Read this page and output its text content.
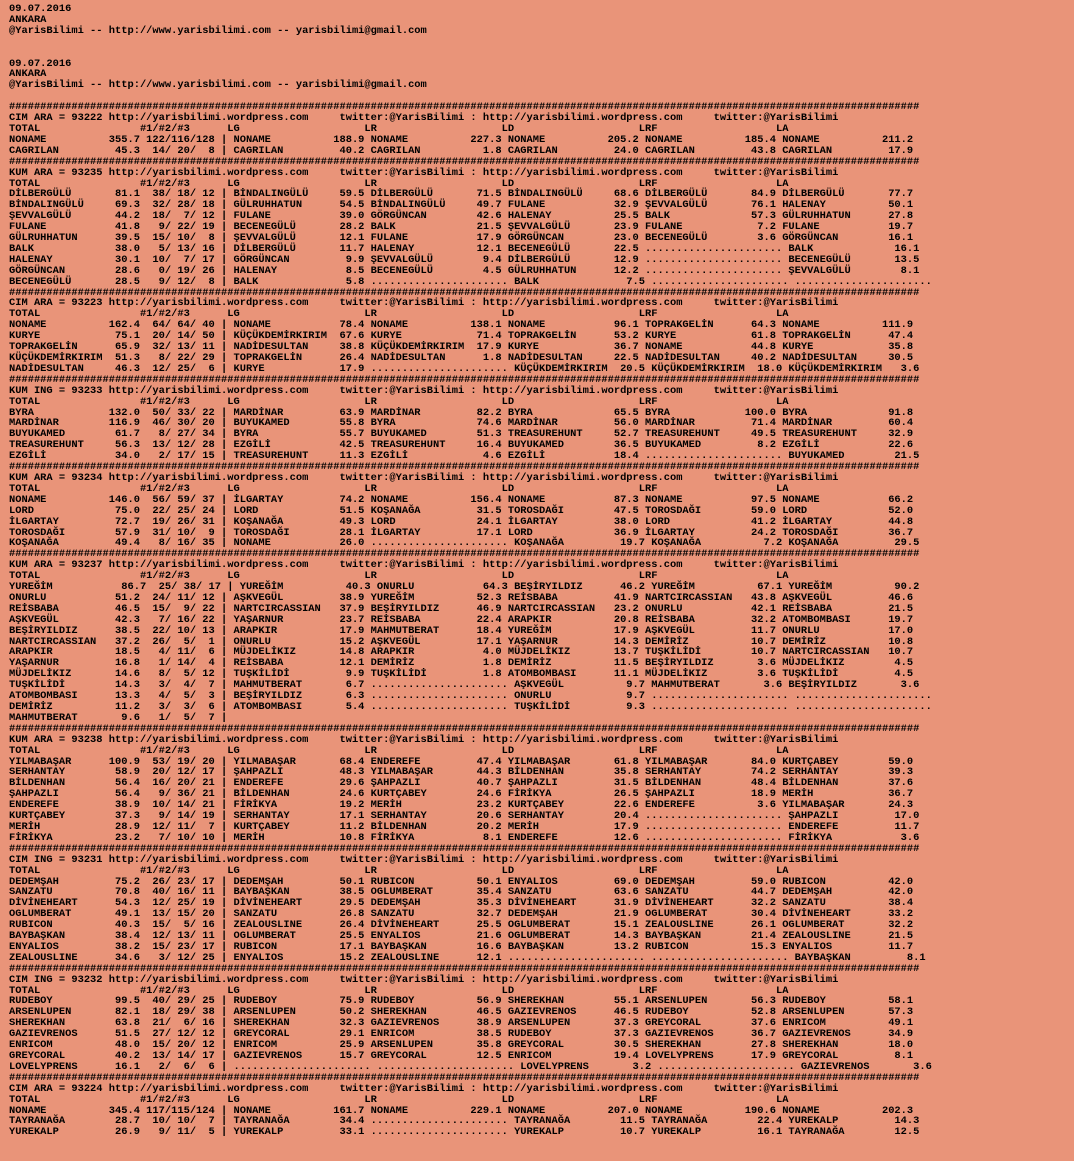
09.07.2016
ANKARA
@YarisBilimi -- http://www.yarisbilimi.com -- yarisbilimi@gmail.com

09.07.2016
ANKARA
@YarisBilimi -- http://www.yarisbilimi.com -- yarisbilimi@gmail.com

##################################################################################################################################################
CIM ARA = 93222 http://yarisbilimi.wordpress.com     twitter:@YarisBilimi : http://yarisbilimi.wordpress.com     twitter:@YarisBilimi
TOTAL                #1/#2/#3      LG                    LR                    LD                    LRF                   LA
NONAME          355.7 122/116/128 | NONAME          188.9 NONAME          227.3 NONAME          205.2 NONAME          185.4 NONAME          211.2
CAGRILAN         45.3  14/ 20/  8 | CAGRILAN         40.2 CAGRILAN          1.8 CAGRILAN         24.0 CAGRILAN         43.8 CAGRILAN         17.9
##################################################################################################################################################
KUM ARA = 93235 http://yarisbilimi.wordpress.com     twitter:@YarisBilimi : http://yarisbilimi.wordpress.com     twitter:@YarisBilimi
TOTAL                #1/#2/#3      LG                    LR                    LD                    LRF                   LA
DİLBERGÜLÜ       81.1  38/ 18/ 12 | BİNDALINGÜLÜ     59.5 DİLBERGÜLÜ       71.5 BİNDALINGÜLÜ     68.6 DİLBERGÜLÜ       84.9 DİLBERGÜLÜ       77.7
BİNDALINGÜLÜ     69.3  32/ 28/ 18 | GÜLRUHHATUN      54.5 BİNDALINGÜLÜ     49.7 FULANE           32.9 ŞEVVALGÜLÜ       76.1 HALENAY          50.1
ŞEVVALGÜLÜ       44.2  18/  7/ 12 | FULANE           39.0 GÖRGÜNCAN        42.6 HALENAY          25.5 BALK             57.3 GÜLRUHHATUN      27.8
FULANE           41.8   9/ 22/ 19 | BECENEGÜLÜ       28.2 BALK             21.5 ŞEVVALGÜLÜ       23.9 FULANE            7.2 FULANE           19.7
GÜLRUHHATUN      39.5  15/ 10/  8 | ŞEVVALGÜLÜ       12.1 FULANE           17.9 GÖRGÜNCAN        23.0 BECENEGÜLÜ        3.6 GÖRGÜNCAN        16.1
BALK             38.0   5/ 13/ 16 | DİLBERGÜLÜ       11.7 HALENAY          12.1 BECENEGÜLÜ       22.5 ...................... BALK             16.1
HALENAY          30.1  10/  7/ 17 | GÖRGÜNCAN         9.9 ŞEVVALGÜLÜ        9.4 DİLBERGÜLÜ       12.9 ...................... BECENEGÜLÜ       13.5
GÖRGÜNCAN        28.6   0/ 19/ 26 | HALENAY           8.5 BECENEGÜLÜ        4.5 GÜLRUHHATUN      12.2 ...................... ŞEVVALGÜLÜ        8.1
BECENEGÜLÜ       28.5   9/ 12/  8 | BALK              5.8 ...................... BALK              7.5 ...................... ......................
##################################################################################################################################################
CIM ARA = 93223 http://yarisbilimi.wordpress.com     twitter:@YarisBilimi : http://yarisbilimi.wordpress.com     twitter:@YarisBilimi
TOTAL                #1/#2/#3      LG                    LR                    LD                    LRF                   LA
NONAME          162.4  64/ 64/ 40 | NONAME           78.4 NONAME          138.1 NONAME           96.1 TOPRAKGELİN      64.3 NONAME          111.9
KURYE            75.1  20/ 14/ 50 | KÜÇÜKDEMİRKIRIM  67.6 KURYE            71.4 TOPRAKGELİN      53.2 KURYE            61.8 TOPRAKGELİN      47.4
TOPRAKGELİN      65.9  32/ 13/ 11 | NADİDESULTAN     38.8 KÜÇÜKDEMİRKIRIM  17.9 KURYE            36.7 NONAME           44.8 KURYE            35.8
KÜÇÜKDEMİRKIRIM  51.3   8/ 22/ 29 | TOPRAKGELİN      26.4 NADİDESULTAN      1.8 NADİDESULTAN     22.5 NADİDESULTAN     40.2 NADİDESULTAN     30.5
NADİDESULTAN     46.3  12/ 25/  6 | KURYE            17.9 ...................... KÜÇÜKDEMİRKIRIM  20.5 KÜÇÜKDEMİRKIRIM  18.0 KÜÇÜKDEMİRKIRIM   3.6
##################################################################################################################################################
KUM ING = 93233 http://yarisbilimi.wordpress.com     twitter:@YarisBilimi : http://yarisbilimi.wordpress.com     twitter:@YarisBilimi
TOTAL                #1/#2/#3      LG                    LR                    LD                    LRF                   LA
BYRA            132.0  50/ 33/ 22 | MARDİNAR         63.9 MARDİNAR         82.2 BYRA             65.5 BYRA            100.0 BYRA             91.8
MARDİNAR        116.9  46/ 30/ 20 | BUYUKAMED        55.8 BYRA             74.6 MARDİNAR         56.0 MARDİNAR         71.4 MARDİNAR         60.4
BUYUKAMED        61.7   8/ 27/ 34 | BYRA             55.7 BUYUKAMED        51.3 TREASUREHUNT     52.7 TREASUREHUNT     49.5 TREASUREHUNT     32.9
TREASUREHUNT     56.3  13/ 12/ 28 | EZGİLİ           42.5 TREASUREHUNT     16.4 BUYUKAMED        36.5 BUYUKAMED         8.2 EZGİLİ           22.6
EZGİLİ           34.0   2/ 17/ 15 | TREASUREHUNT     11.3 EZGİLİ            4.6 EZGİLİ           18.4 ...................... BUYUKAMED        21.5
##################################################################################################################################################
KUM ARA = 93234 http://yarisbilimi.wordpress.com     twitter:@YarisBilimi : http://yarisbilimi.wordpress.com     twitter:@YarisBilimi
TOTAL                #1/#2/#3      LG                    LR                    LD                    LRF                   LA
NONAME          146.0  56/ 59/ 37 | İLGARTAY         74.2 NONAME          156.4 NONAME           87.3 NONAME           97.5 NONAME           66.2
LORD             75.0  22/ 25/ 24 | LORD             51.5 KOŞANAĞA         31.5 TOROSDAĞI        47.5 TOROSDAĞI        59.0 LORD             52.0
İLGARTAY         72.7  19/ 26/ 31 | KOŞANAĞA         49.3 LORD             24.1 İLGARTAY         38.0 LORD             41.2 İLGARTAY         44.8
TOROSDAĞI        57.9  31/ 10/  9 | TOROSDAĞI        28.1 İLGARTAY         17.1 LORD             36.9 İLGARTAY         24.2 TOROSDAĞI        36.7
KOŞANAĞA         49.4   8/ 16/ 35 | NONAME           26.0 ...................... KOŞANAĞA         19.7 KOŞANAĞA          7.2 KOŞANAĞA         29.5
##################################################################################################################################################
KUM ARA = 93237 http://yarisbilimi.wordpress.com     twitter:@YarisBilimi : http://yarisbilimi.wordpress.com     twitter:@YarisBilimi
TOTAL                #1/#2/#3      LG                    LR                    LD                    LRF                   LA
YUREĞİM           86.7  25/ 38/ 17 | YUREĞİM          40.3 ONURLU           64.3 BEŞİRYILDIZ      46.2 YUREĞİM          67.1 YUREĞİM          90.2
ONURLU           51.2  24/ 11/ 12 | AŞKVEGÜL         38.9 YUREĞİM          52.3 REİSBABA         41.9 NARTCIRCASSIAN   43.8 AŞKVEGÜL         46.6
REİSBABA         46.5  15/  9/ 22 | NARTCIRCASSIAN   37.9 BEŞİRYILDIZ      46.9 NARTCIRCASSIAN   23.2 ONURLU           42.1 REİSBABA         21.5
AŞKVEGÜL         42.3   7/ 16/ 22 | YAŞARNUR         23.7 REİSBABA         22.4 ARAPKIR          20.8 REİSBABA         32.2 ATOMBOMBASI      19.7
BEŞİRYILDIZ      38.5  22/ 10/ 13 | ARAPKIR          17.9 MAHMUTBERAT      18.4 YUREĞİM          17.9 AŞKVEGÜL         11.7 ONURLU           17.0
NARTCIRCASSIAN   37.2  26/  5/  1 | ONURLU           15.2 AŞKVEGÜL         17.1 YAŞARNUR         14.3 DEMİRİZ          10.7 DEMİRİZ          10.8
ARAPKIR          18.5   4/ 11/  6 | MÜJDELİKIZ       14.8 ARAPKIR           4.0 MÜJDELİKIZ       13.7 TUŞKİLİDİ        10.7 NARTCIRCASSIAN   10.7
YAŞARNUR         16.8   1/ 14/  4 | REİSBABA         12.1 DEMİRİZ           1.8 DEMİRİZ          11.5 BEŞİRYILDIZ       3.6 MÜJDELİKIZ        4.5
MÜJDELİKIZ       14.6   8/  5/ 12 | TUŞKİLİDİ         9.9 TUŞKİLİDİ         1.8 ATOMBOMBASI      11.1 MÜJDELİKIZ        3.6 TUŞKİLİDİ         4.5
TUŞKİLİDİ        14.3   3/  4/  7 | MAHMUTBERAT       6.7 ...................... AŞKVEGÜL          9.7 MAHMUTBERAT       3.6 BEŞİRYILDIZ       3.6
ATOMBOMBASI      13.3   4/  5/  3 | BEŞİRYILDIZ       6.3 ...................... ONURLU            9.7 ...................... ......................
DEMİRİZ          11.2   3/  3/  6 | ATOMBOMBASI       5.4 ...................... TUŞKİLİDİ         9.3 ...................... ......................
MAHMUTBERAT       9.6   1/  5/  7 |
##################################################################################################################################################
KUM ARA = 93238 http://yarisbilimi.wordpress.com     twitter:@YarisBilimi : http://yarisbilimi.wordpress.com     twitter:@YarisBilimi
TOTAL                #1/#2/#3      LG                    LR                    LD                    LRF                   LA
YILMABAŞAR      100.9  53/ 19/ 20 | YILMABAŞAR       68.4 ENDEREFE         47.4 YILMABAŞAR       61.8 YILMABAŞAR       84.0 KURTÇABEY        59.0
SERHANTAY        58.9  20/ 12/ 17 | ŞAHPAZLI         48.3 YILMABAŞAR       44.3 BİLDENHAN        35.8 SERHANTAY        74.2 SERHANTAY        39.3
BİLDENHAN        56.4  16/ 20/ 21 | ENDEREFE         29.6 ŞAHPAZLI         40.7 ŞAHPAZLI         31.5 BİLDENHAN        48.4 BİLDENHAN        37.6
ŞAHPAZLI         56.4   9/ 36/ 21 | BİLDENHAN        24.6 KURTÇABEY        24.6 FİRİKYA          26.5 ŞAHPAZLI         18.9 MERİH            36.7
ENDEREFE         38.9  10/ 14/ 21 | FİRİKYA          19.2 MERİH            23.2 KURTÇABEY        22.6 ENDEREFE          3.6 YILMABAŞAR       24.3
KURTÇABEY        37.3   9/ 14/ 19 | SERHANTAY        17.1 SERHANTAY        20.6 SERHANTAY        20.4 ...................... ŞAHPAZLI         17.0
MERİH            28.9  12/ 11/  7 | KURTÇABEY        11.2 BİLDENHAN        20.2 MERİH            17.9 ...................... ENDEREFE         11.7
FİRİKYA          23.2   7/ 10/ 10 | MERİH            10.8 FİRİKYA           8.1 ENDEREFE         12.6 ...................... FİRİKYA           3.6
##################################################################################################################################################
CIM ING = 93231 http://yarisbilimi.wordpress.com     twitter:@YarisBilimi : http://yarisbilimi.wordpress.com     twitter:@YarisBilimi
TOTAL                #1/#2/#3      LG                    LR                    LD                    LRF                   LA
DEDEMŞAH         75.2  26/ 23/ 17 | DEDEMŞAH         50.1 RUBICON          50.1 ENYALIOS         69.0 DEDEMŞAH         59.0 RUBICON          42.0
SANZATU          70.8  40/ 16/ 11 | BAYBAŞKAN        38.5 OGLUMBERAT       35.4 SANZATU          63.6 SANZATU          44.7 DEDEMŞAH         42.0
DİVİNEHEART      54.3  12/ 25/ 19 | DİVİNEHEART      29.5 DEDEMŞAH         35.3 DİVİNEHEART      31.9 DİVİNEHEART      32.2 SANZATU          38.4
OGLUMBERAT       49.1  13/ 15/ 20 | SANZATU          26.8 SANZATU          32.7 DEDEMŞAH         21.9 OGLUMBERAT       30.4 DİVİNEHEART      33.2
RUBICON          40.3  15/  5/ 16 | ZEALOUSLINE      26.4 DİVİNEHEART      25.5 OGLUMBERAT       15.1 ZEALOUSLINE      26.1 OGLUMBERAT       32.2
BAYBAŞKAN        38.4  12/ 13/ 11 | OGLUMBERAT       25.5 ENYALIOS         21.6 OGLUMBERAT       14.3 BAYBAŞKAN        21.4 ZEALOUSLINE      21.5
ENYALIOS         38.2  15/ 23/ 17 | RUBICON          17.1 BAYBAŞKAN        16.6 BAYBAŞKAN        13.2 RUBICON          15.3 ENYALIOS         11.7
ZEALOUSLINE      34.6   3/ 12/ 25 | ENYALIOS         15.2 ZEALOUSLINE      12.1 ...................... ...................... BAYBAŞKAN         8.1
##################################################################################################################################################
CIM ING = 93232 http://yarisbilimi.wordpress.com     twitter:@YarisBilimi : http://yarisbilimi.wordpress.com     twitter:@YarisBilimi
TOTAL                #1/#2/#3      LG                    LR                    LD                    LRF                   LA
RUDEBOY          99.5  40/ 29/ 25 | RUDEBOY          75.9 RUDEBOY          56.9 SHEREKHAN        55.1 ARSENLUPEN       56.3 RUDEBOY          58.1
ARSENLUPEN       82.1  18/ 29/ 38 | ARSENLUPEN       50.2 SHEREKHAN        46.5 GAZIEVRENOS      46.5 RUDEBOY          52.8 ARSENLUPEN       57.3
SHEREKHAN        63.8  21/  6/ 16 | SHEREKHAN        32.3 GAZIEVRENOS      38.9 ARSENLUPEN       37.3 GREYCORAL        37.6 ENRICOM          49.1
GAZIEVRENOS      51.5  27/ 12/ 12 | GREYCORAL        29.1 ENRICOM          38.5 RUDEBOY          37.3 GAZIEVRENOS      36.7 GAZIEVRENOS      34.9
ENRICOM          48.0  15/ 20/ 12 | ENRICOM          25.9 ARSENLUPEN       35.8 GREYCORAL        30.5 SHEREKHAN        27.8 SHEREKHAN        18.0
GREYCORAL        40.2  13/ 14/ 17 | GAZIEVRENOS      15.7 GREYCORAL        12.5 ENRICOM          19.4 LOVELYPRENS      17.9 GREYCORAL         8.1
LOVELYPRENS      16.1   2/  6/  6 | ...................... ...................... LOVELYPRENS       3.2 ...................... GAZIEVRENOS       3.6
##################################################################################################################################################
CIM ARA = 93224 http://yarisbilimi.wordpress.com     twitter:@YarisBilimi : http://yarisbilimi.wordpress.com     twitter:@YarisBilimi
TOTAL                #1/#2/#3      LG                    LR                    LD                    LRF                   LA
NONAME          345.4 117/115/124 | NONAME          161.7 NONAME          229.1 NONAME          207.0 NONAME          190.6 NONAME          202.3
TAYRANAĞA        28.7  10/ 10/  7 | TAYRANAĞA        34.4 ...................... TAYRANAĞA        11.5 TAYRANAĞA        22.4 YUREKALP         14.3
YUREKALP         26.9   9/ 11/  5 | YUREKALP         33.1 ...................... YUREKALP         10.7 YUREKALP         16.1 TAYRANAĞA        12.5
